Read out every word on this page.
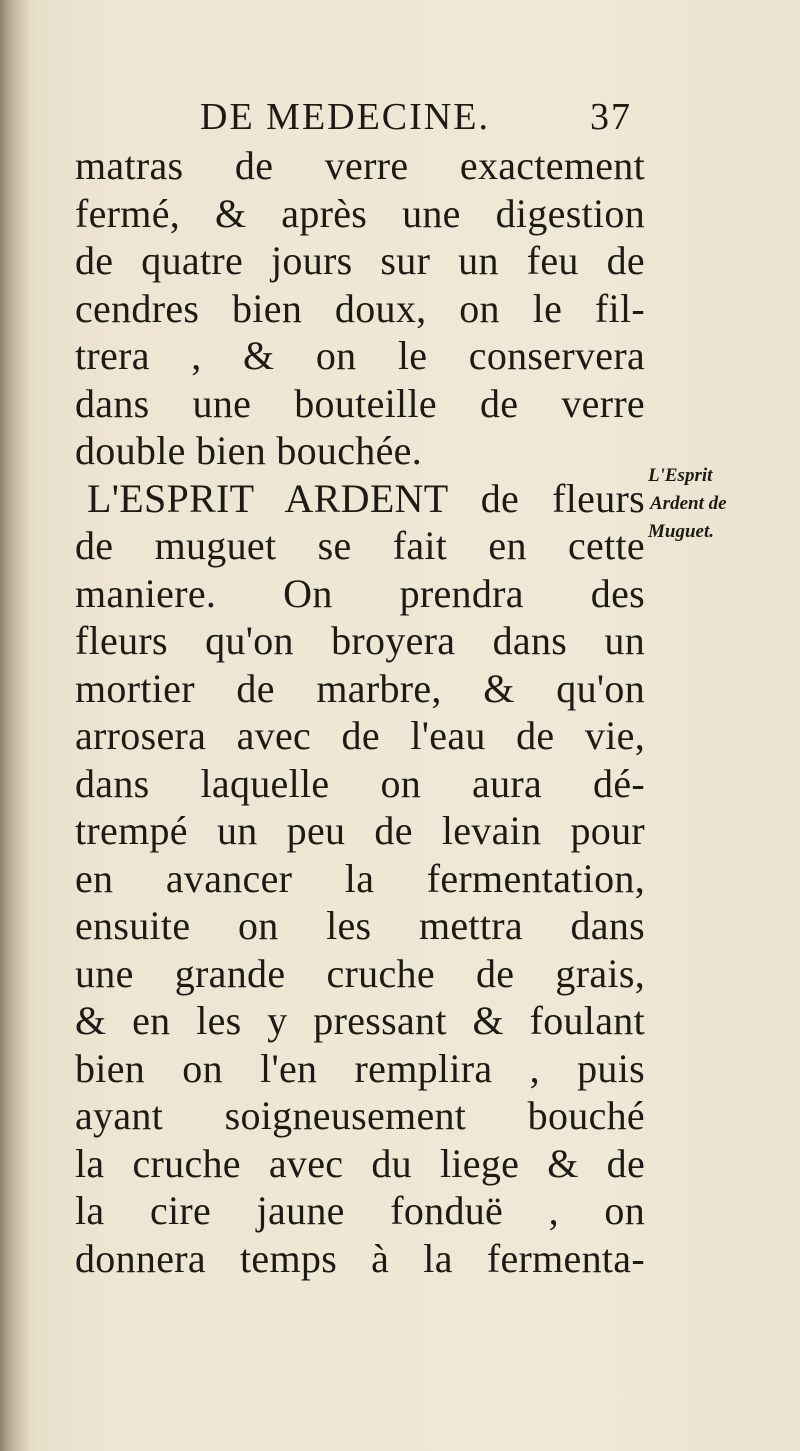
DE MEDECINE.	37
matras de verre exactement
fermé, & après une digestion
de quatre jours sur un feu de
cendres bien doux, on le fil-
trera , & on le conservera
dans une bouteille de verre
double bien bouchée.
L'ESPRIT ARDENT de fleurs
de muguet se fait en cette
maniere. On prendra des
fleurs qu'on broyera dans un
mortier de marbre, & qu'on
arrosera avec de l'eau de vie,
dans laquelle on aura dé-
trempé un peu de levain pour
en avancer la fermentation,
ensuite on les mettra dans
une grande cruche de grais,
& en les y pressant & foulant
bien on l'en remplira , puis
ayant soigneusement bouché
la cruche avec du liege & de
la cire jaune fonduë , on
donnera temps à la fermenta-
L'Esprit
Ardent de
Muguet.
